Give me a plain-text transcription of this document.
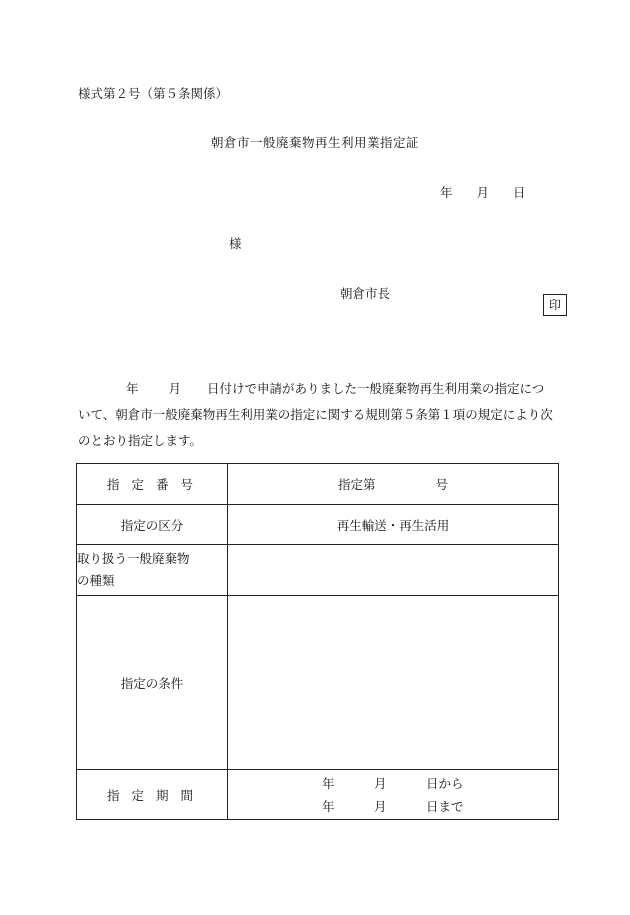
様式第２号（第５条関係）
朝倉市一般廃棄物再生利用業指定証
年 月 日
様
朝倉市長
印
年 月 日付けで申請がありました一般廃棄物再生利用業の指定について、朝倉市一般廃棄物再生利用業の指定に関する規則第５条第１項の規定により次のとおり指定します。
指 定 番 号	指定第 号
指定の区分	再生輸送・再生活用

取り扱う一般廃棄物
の種類	

指定の条件	
指 定 期 間	年 月 日から
年 月 日まで
